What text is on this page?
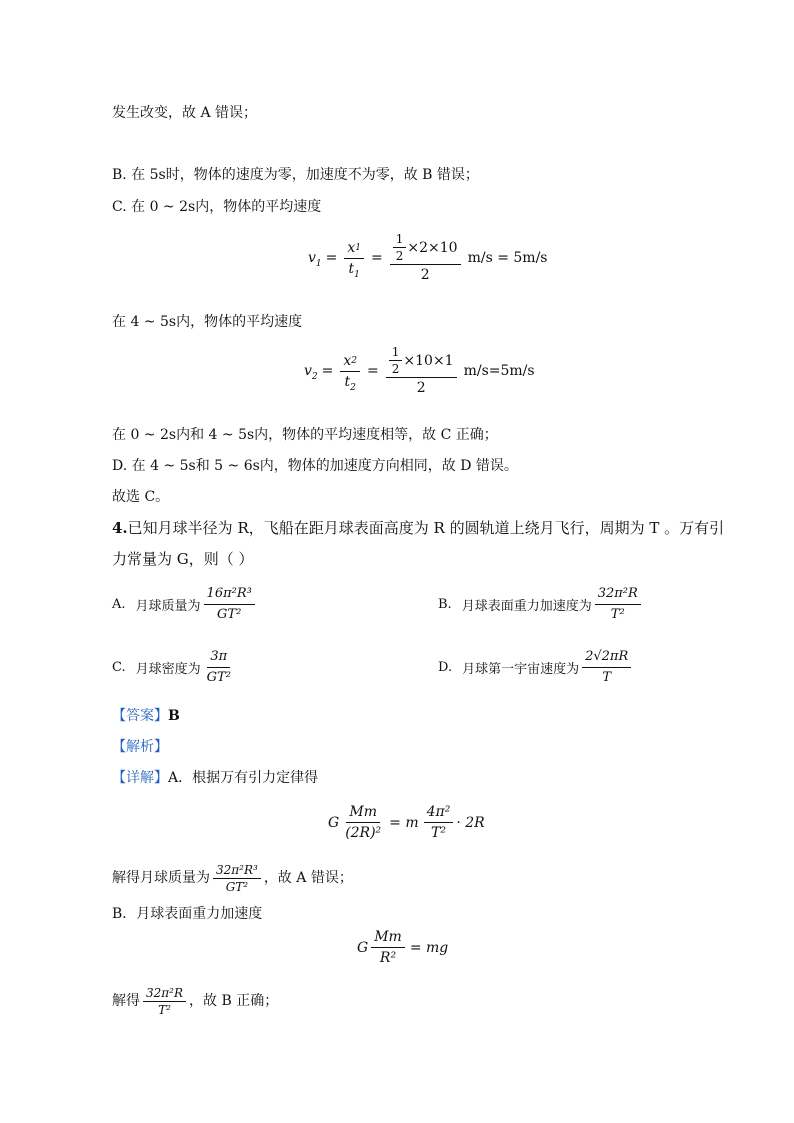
发生改变，故 A 错误；
B. 在 5s时，物体的速度为零，加速度不为零，故 B 错误；
C. 在 0 ~ 2s内，物体的平均速度
$v_1 = \frac{x 1}{t_1} = \frac{\frac{1}{2} \times 2\times 10}{2} m/s = 5m/s$
在 4 ~ 5s内，物体的平均速度
$v_2 = \frac{x 2}{t_2} = \frac{\frac{1}{2} \times 10\times 1}{2} m/s=5m/s$
在 0 ~ 2s内和 4 ~ 5s内，物体的平均速度相等，故 C 正确；
D. 在 4 ~ 5s和 5 ~ 6s内，物体的加速度方向相同，故 D 错误。
故选 C。
4.已知月球半径为 R，飞船在距月球表面高度为 R 的圆轨道上绕月飞行，周期为 T 。万有引
力常量为 G，则（ ）
A. 月球质量为 $\frac{\text{16π²R³}}{\text{GT²}}$	B. 月球表面重力加速度为 $\frac{\text{32π²R}}{\text{T²}}$
C. 月球密度为 $\frac{3\pi}{\text{GT²}}$	D. 月球第一宇宙速度为 $\frac{2√2\pi R}{T}$
【答案】B
【解析】
【详解】A．根据万有引力定律得
G $\frac{Mm}{\text{(2R)²}} = m \frac{\text{4π²}}{\text{T²}} \cdot 2R$
解得月球质量为 $\frac{\text{32π²R³}}{\text{GT²}}$ ，故 A 错误；
B．月球表面重力加速度
G $\frac{Mm}{\text{R²}}$ = mg
解得 $\frac{\text{32π²R}}{\text{T²}}$ ，故 B 正确；
